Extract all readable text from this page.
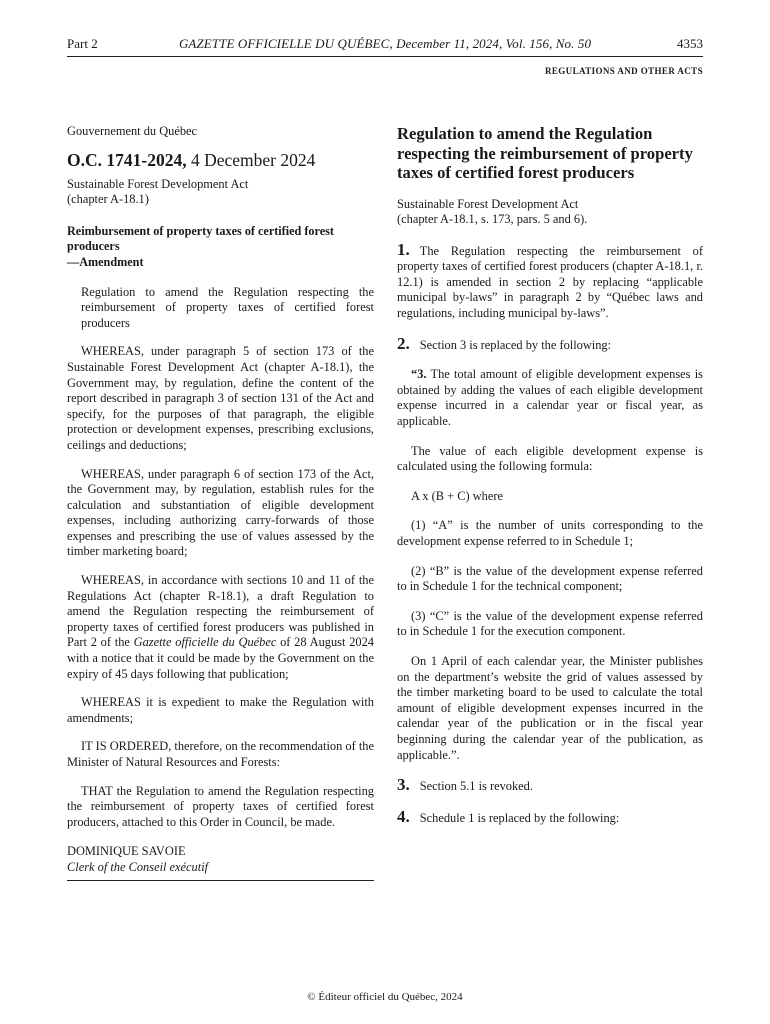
Part 2	GAZETTE OFFICIELLE DU QUÉBEC, December 11, 2024, Vol. 156, No. 50	4353
REGULATIONS AND OTHER ACTS

Gouvernement du Québec

O.C. 1741-2024, 4 December 2024

Sustainable Forest Development Act

(chapter A-18.1)

Reimbursement of property taxes of certified forest producers
—Amendment

Regulation to amend the Regulation respecting the reimbursement of property taxes of certified forest producers

WHEREAS, under paragraph 5 of section 173 of the Sustainable Forest Development Act (chapter A-18.1), the Government may, by regulation, define the content of the report described in paragraph 3 of section 131 of the Act and specify, for the purposes of that paragraph, the eligible protection or development expenses, prescribing exclusions, ceilings and deductions;

WHEREAS, under paragraph 6 of section 173 of the Act, the Government may, by regulation, establish rules for the calculation and substantiation of eligible development expenses, including authorizing carry-forwards of those expenses and prescribing the use of values assessed by the timber marketing board;

WHEREAS, in accordance with sections 10 and 11 of the Regulations Act (chapter R-18.1), a draft Regulation to amend the Regulation respecting the reimbursement of property taxes of certified forest producers was published in Part 2 of the Gazette officielle du Québec of 28 August 2024 with a notice that it could be made by the Government on the expiry of 45 days following that publication;

WHEREAS it is expedient to make the Regulation with amendments;

IT IS ORDERED, therefore, on the recommendation of the Minister of Natural Resources and Forests:

THAT the Regulation to amend the Regulation respecting the reimbursement of property taxes of certified forest producers, attached to this Order in Council, be made.

DOMINIQUE SAVOIE

Clerk of the Conseil exécutif

Regulation to amend the Regulation respecting the reimbursement of property taxes of certified forest producers

Sustainable Forest Development Act

(chapter A-18.1, s. 173, pars. 5 and 6).

1. The Regulation respecting the reimbursement of property taxes of certified forest producers (chapter A-18.1, r. 12.1) is amended in section 2 by replacing “applicable municipal by-laws” in paragraph 2 by “Québec laws and regulations, including municipal by-laws”.

2. Section 3 is replaced by the following:

“3. The total amount of eligible development expenses is obtained by adding the values of each eligible development expense incurred in a calendar year or fiscal year, as applicable.

The value of each eligible development expense is calculated using the following formula:

A x (B + C) where

(1) “A” is the number of units corresponding to the development expense referred to in Schedule 1;

(2) “B” is the value of the development expense referred to in Schedule 1 for the technical component;

(3) “C” is the value of the development expense referred to in Schedule 1 for the execution component.

On 1 April of each calendar year, the Minister publishes on the department’s website the grid of values assessed by the timber marketing board to be used to calculate the total amount of eligible development expenses incurred in the calendar year of the publication or in the fiscal year beginning during the calendar year of the publication, as applicable.”.

3. Section 5.1 is revoked.

4. Schedule 1 is replaced by the following:

© Éditeur officiel du Québec, 2024
